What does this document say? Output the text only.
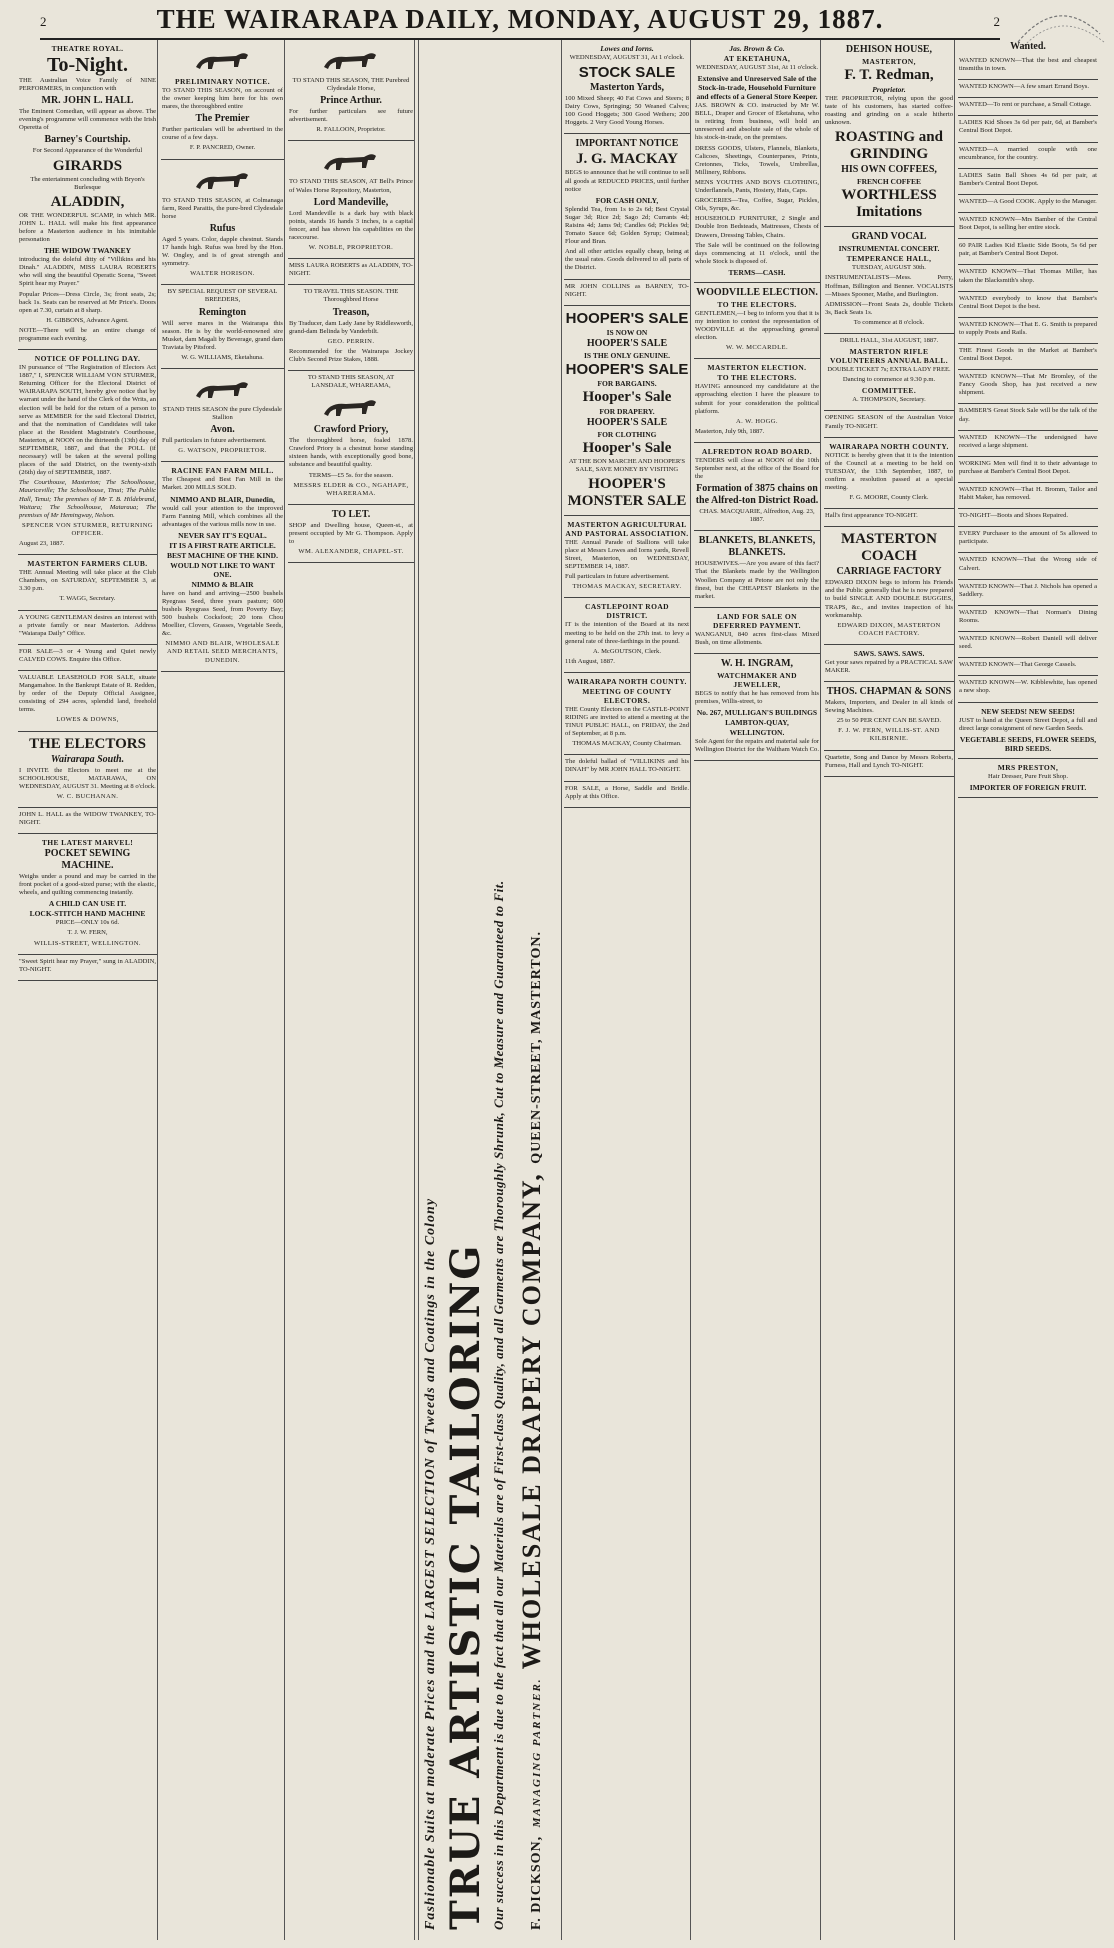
2	THE WAIRARAPA DAILY, MONDAY, AUGUST 29, 1887.	2
THEATRE ROYAL.
To-Night.

THE Australian Voice Family of NINE PERFORMERS, in conjunction with

MR. JOHN L. HALL

The Eminent Comedian, will appear as above. The evening's programme will commence with the Irish Operetta of

Barney's Courtship.

For Second Appearance of the Wonderful

GIRARDS

The entertainment concluding with Bryon's Burlesque

ALADDIN,

OR THE WONDERFUL SCAMP, in which MR. JOHN L. HALL will make his first appearance before a Masterton audience in his inimitable personation

THE WIDOW TWANKEY

introducing the doleful ditty of "Villikins and his Dinah." ALADDIN, MISS LAURA ROBERTS who will sing the beautiful Operatic Scena, "Sweet Spirit hear my Prayer."

Popular Prices—Dress Circle, 3s; front seats, 2s; back 1s. Seats can be reserved at Mr Price's. Doors open at 7.30, curtain at 8 sharp.

H. GIBBONS, Advance Agent.

NOTE—There will be an entire change of programme each evening.

NOTICE OF POLLING DAY.

IN pursuance of "The Registration of Electors Act 1887," I, SPENCER WILLIAM VON STURMER, Returning Officer for the Electoral District of WAIRARAPA SOUTH, hereby give notice that by warrant under the hand of the Clerk of the Writs, an election will be held for the return of a person to serve as MEMBER for the said Electoral District, and that the nomination of Candidates will take place at the Resident Magistrate's Courthouse, Masterton, at NOON on the thirteenth (13th) day of SEPTEMBER, 1887, and that the POLL (if necessary) will be taken at the several polling places of the said District, on the twenty-sixth (26th) day of SEPTEMBER, 1887.

The Courthouse, Masterton; The Schoolhouse, Mauriceville; The Schoolhouse, Tinui; The Public Hall, Tenui; The premises of Mr T. B. Hildebrand, Waitara; The Schoolhouse, Mataraua; The premises of Mr Hemingway, Nelson.

SPENCER VON STURMER, RETURNING OFFICER.

August 23, 1887.

MASTERTON FARMERS CLUB.

THE Annual Meeting will take place at the Club Chambers, on SATURDAY, SEPTEMBER 3, at 3.30 p.m.

T. WAGG, Secretary.

A YOUNG GENTLEMAN desires an interest with a private family or near Masterton. Address "Waiarapa Daily" Office.

FOR SALE—3 or 4 Young and Quiet newly CALVED COWS. Enquire this Office.

VALUABLE LEASEHOLD FOR SALE, situate Mangamahoe. In the Bankrupt Estate of R. Redden, by order of the Deputy Official Assignee, consisting of 294 acres, splendid land, freehold terms.

LOWES & DOWNS,

THE ELECTORS
Wairarapa South.

I INVITE the Electors to meet me at the SCHOOLHOUSE, MATARAWA, ON WEDNESDAY, AUGUST 31. Meeting at 8 o'clock.

W. C. BUCHANAN.

JOHN L. HALL as the WIDOW TWANKEY, TO-NIGHT.

THE LATEST MARVEL!
POCKET SEWING MACHINE.

Weighs under a pound and may be carried in the front pocket of a good-sized purse; with the elastic, wheels, and quilting commencing instantly.

A CHILD CAN USE IT.
LOCK-STITCH HAND MACHINE

PRICE—ONLY 10s 6d.

T. J. W. FERN,

WILLIS-STREET, WELLINGTON.

"Sweet Spirit hear my Prayer," sung in ALADDIN, TO-NIGHT.

PRELIMINARY NOTICE.

TO STAND THIS SEASON, on account of the owner keeping him here for his own mares, the thoroughbred entire

The Premier

Further particulars will be advertised in the course of a few days.

F. P. PANCRED, Owner.

TO STAND THIS SEASON, at Colmanaga farm, Reed Paraitis, the pure-bred Clydesdale horse

Rufus

Aged 5 years. Color, dapple chestnut. Stands 17 hands high. Rufus was bred by the Hon. W. Ongley, and is of great strength and symmetry.

WALTER HORISON.

BY SPECIAL REQUEST OF SEVERAL BREEDERS,

Remington

Will serve mares in the Wairarapa this season. He is by the world-renowned sire Musket, dam Magali by Beverage, grand dam Traviata by Pitsford.

W. G. WILLIAMS, Eketahuna.

STAND THIS SEASON the pure Clydesdale Stallion

Avon.

Full particulars in future advertisement.

G. WATSON, PROPRIETOR.

RACINE FAN FARM MILL.

The Cheapest and Best Fan Mill in the Market. 200 MILLS SOLD.

NIMMO AND BLAIR, Dunedin,

would call your attention to the improved Farm Fanning Mill, which combines all the advantages of the various mills now in use.

NEVER SAY IT'S EQUAL.
IT IS A FIRST RATE ARTICLE.
BEST MACHINE OF THE KIND.
WOULD NOT LIKE TO WANT ONE.
NIMMO & BLAIR

have on hand and arriving—2500 bushels Ryegrass Seed, three years pasture; 600 bushels Ryegrass Seed, from Poverty Bay; 500 bushels Cocksfoot; 20 tons Chou Moellier, Clovers, Grasses, Vegetable Seeds, &c.

NIMMO AND BLAIR, WHOLESALE AND RETAIL SEED MERCHANTS, DUNEDIN.

TO STAND THIS SEASON, THE Purebred Clydesdale Horse,

Prince Arthur.

For further particulars see future advertisement.

R. FALLOON, Proprietor.

TO STAND THIS SEASON, AT Bell's Prince of Wales Horse Repository, Masterton,

Lord Mandeville,

Lord Mandeville is a dark bay with black points, stands 16 hands 3 inches, is a capital fencer, and has shown his capabilities on the racecourse.

W. NOBLE, PROPRIETOR.

MISS LAURA ROBERTS as ALADDIN, TO-NIGHT.

TO TRAVEL THIS SEASON. THE Thoroughbred Horse

Treason,

By Traducer, dam Lady Jane by Riddlesworth, grand-dam Belinda by Vanderbilt.

GEO. PERRIN.

Recommended for the Wairarapa Jockey Club's Second Prize Stakes, 1888.

TO STAND THIS SEASON, AT LANSDALE, WHAREAMA,

Crawford Priory,

The thoroughbred horse, foaled 1878. Crawford Priory is a chestnut horse standing sixteen hands, with exceptionally good bone, substance and beautiful quality.

TERMS—£5 5s. for the season.

MESSRS ELDER & CO., NGAHAPE, WHARERAMA.

TO LET.

SHOP and Dwelling house, Queen-st., at present occupied by Mr G. Thompson. Apply to

WM. ALEXANDER, CHAPEL-ST.

Fashionable Suits at moderate Prices and the LARGEST SELECTION of Tweeds and Coatings in the Colony TRUE ARTISTIC TAILORING Our success in this Department is due to the fact that all our Materials are of First-class Quality, and all Garments are Thoroughly Shrunk, Cut to Measure and Guaranteed to Fit.	F. DICKSON, MANAGING PARTNER. WHOLESALE DRAPERY COMPANY, QUEEN-STREET, MASTERTON.
Lowes and Iorns.

WEDNESDAY, AUGUST 31, At 1 o'clock.

STOCK SALE
Masterton Yards,

100 Mixed Sheep; 40 Fat Cows and Steers; 8 Dairy Cows, Springing; 50 Weaned Calves; 100 Good Hoggets; 300 Good Wethers; 200 Hoggets. 2 Very Good Young Horses.

IMPORTANT NOTICE
J. G. MACKAY

BEGS to announce that he will continue to sell all goods at REDUCED PRICES, until further notice

FOR CASH ONLY,

Splendid Tea, from 1s to 2s 6d; Best Crystal Sugar 3d; Rice 2d; Sago 2d; Currants 4d; Raisins 4d; Jams 9d; Candles 6d; Pickles 9d; Tomato Sauce 6d; Golden Syrup; Oatmeal; Flour and Bran.

And all other articles equally cheap, being at the usual rates. Goods delivered to all parts of the District.

MR JOHN COLLINS as BARNEY, TO-NIGHT.

HOOPER'S SALE
IS NOW ON
HOOPER'S SALE
IS THE ONLY GENUINE.
HOOPER'S SALE
FOR BARGAINS.
Hooper's Sale
FOR DRAPERY.
HOOPER'S SALE
FOR CLOTHING
Hooper's Sale

AT THE BON MARCHE AND HOOPER'S SALE, SAVE MONEY BY VISITING

HOOPER'S MONSTER SALE
MASTERTON AGRICULTURAL AND PASTORAL ASSOCIATION.

THE Annual Parade of Stallions will take place at Messrs Lowes and Iorns yards, Revell Street, Masterton, on WEDNESDAY, SEPTEMBER 14, 1887.

Full particulars in future advertisement.

THOMAS MACKAY, SECRETARY.

CASTLEPOINT ROAD DISTRICT.

IT is the intention of the Board at its next meeting to be held on the 27th inst. to levy a general rate of three-farthings in the pound.

A. McGOUTSON, Clerk.

11th August, 1887.

WAIRARAPA NORTH COUNTY.
MEETING OF COUNTY ELECTORS.

THE County Electors on the CASTLE-POINT RIDING are invited to attend a meeting at the TINUI PUBLIC HALL, on FRIDAY, the 2nd of September, at 8 p.m.

THOMAS MACKAY, County Chairman.

The doleful ballad of "VILLIKINS and his DINAH" by MR JOHN HALL TO-NIGHT.

FOR SALE, a Horse, Saddle and Bridle. Apply at this Office.

Jas. Brown & Co.
AT EKETAHUNA,

WEDNESDAY, AUGUST 31st, At 11 o'clock.

Extensive and Unreserved Sale of the Stock-in-trade, Household Furniture and effects of a General Store Keeper.

JAS. BROWN & CO. instructed by Mr W. BELL, Draper and Grocer of Eketahuna, who is retiring from business, will hold an unreserved and absolute sale of the whole of his stock-in-trade, on the premises.

DRESS GOODS, Ulsters, Flannels, Blankets, Calicoes, Sheetings, Counterpanes, Prints, Cretonnes, Ticks, Towels, Umbrellas, Millinery, Ribbons.

MENS YOUTHS AND BOYS CLOTHING, Underflannels, Pants, Hosiery, Hats, Caps.

GROCERIES—Tea, Coffee, Sugar, Pickles, Oils, Syrups, &c.

HOUSEHOLD FURNITURE, 2 Single and Double Iron Bedsteads, Mattresses, Chests of Drawers, Dressing Tables, Chairs.

The Sale will be continued on the following days commencing at 11 o'clock, until the whole Stock is disposed of.

TERMS—CASH.
WOODVILLE ELECTION.
TO THE ELECTORS.

GENTLEMEN,—I beg to inform you that it is my intention to contest the representation of WOODVILLE at the approaching general election.

W. W. MCCARDLE.

MASTERTON ELECTION.
TO THE ELECTORS.

HAVING announced my candidature at the approaching election I have the pleasure to submit for your consideration the political platform.

A. W. HOGG.

Masterton, July 9th, 1887.

ALFREDTON ROAD BOARD.

TENDERS will close at NOON of the 10th September next, at the office of the Board for the

Formation of 3875 chains on the Alfred-ton District Road.

CHAS. MACQUARIE, Alfredton, Aug. 23, 1887.

BLANKETS, BLANKETS, BLANKETS.

HOUSEWIVES.—Are you aware of this fact? That the Blankets made by the Wellington Woollen Company at Petone are not only the finest, but the CHEAPEST Blankets in the market.

LAND FOR SALE ON DEFERRED PAYMENT.

WANGANUI, 840 acres first-class Mixed Bush, on time allotments.

W. H. INGRAM,
WATCHMAKER AND JEWELLER,

BEGS to notify that he has removed from his premises, Willis-street, to

No. 267, MULLIGAN'S BUILDINGS
LAMBTON-QUAY,
WELLINGTON.

Sole Agent for the repairs and material sale for Wellington District for the Waltham Watch Co.

DEHISON HOUSE,
MASTERTON,
F. T. Redman,
Proprietor.

THE PROPRIETOR, relying upon the good taste of his customers, has started coffee-roasting and grinding on a scale hitherto unknown.

ROASTING and GRINDING
HIS OWN COFFEES,
FRENCH COFFEE
WORTHLESS Imitations
GRAND VOCAL
INSTRUMENTAL CONCERT.
TEMPERANCE HALL,

TUESDAY, AUGUST 30th.

INSTRUMENTALISTS—Mess. Perry, Hoffman, Billington and Benner. VOCALISTS—Misses Spooner, Mathe, and Burlington.

ADMISSION—Front Seats 2s, double Tickets 3s, Back Seats 1s.

To commence at 8 o'clock.

DRILL HALL, 31st AUGUST, 1887.

MASTERTON RIFLE VOLUNTEERS ANNUAL BALL.

DOUBLE TICKET 7s; EXTRA LADY FREE.

Dancing to commence at 9.30 p.m.

COMMITTEE.

A. THOMPSON, Secretary.

OPENING SEASON of the Australian Voice Family TO-NIGHT.

WAIRARAPA NORTH COUNTY.

NOTICE is hereby given that it is the intention of the Council at a meeting to be held on TUESDAY, the 13th September, 1887, to confirm a resolution passed at a special meeting.

F. G. MOORE, County Clerk.

Hall's first appearance TO-NIGHT.

MASTERTON COACH
CARRIAGE FACTORY

EDWARD DIXON begs to inform his Friends and the Public generally that he is now prepared to build SINGLE AND DOUBLE BUGGIES, TRAPS, &c., and invites inspection of his workmanship.

EDWARD DIXON, MASTERTON COACH FACTORY.

SAWS. SAWS. SAWS.

Get your saws repaired by a PRACTICAL SAW MAKER.

THOS. CHAPMAN & SONS

Makers, Importers, and Dealer in all kinds of Sewing Machines.

25 to 50 PER CENT CAN BE SAVED.

F. J. W. FERN, WILLIS-ST. AND KILBIRNIE.

Quartette, Song and Dance by Messrs Roberts, Furness, Hall and Lynch TO-NIGHT.

Wanted.

WANTED KNOWN—That the best and cheapest tinsmiths in town.

WANTED KNOWN—A few smart Errand Boys.

WANTED—To rent or purchase, a Small Cottage.

LADIES Kid Shoes 3s 6d per pair, 6d, at Bamber's Central Boot Depot.

WANTED—A married couple with one encumbrance, for the country.

LADIES Satin Ball Shoes 4s 6d per pair, at Bamber's Central Boot Depot.

WANTED—A Good COOK. Apply to the Manager.

WANTED KNOWN—Mrs Bamber of the Central Boot Depot, is selling her entire stock.

60 PAIR Ladies Kid Elastic Side Boots, 5s 6d per pair, at Bamber's Central Boot Depot.

WANTED KNOWN—That Thomas Miller, has taken the Blacksmith's shop.

WANTED everybody to know that Bamber's Central Boot Depot is the best.

WANTED KNOWN—That E. G. Smith is prepared to supply Posts and Rails.

THE Finest Goods in the Market at Bamber's Central Boot Depot.

WANTED KNOWN—That Mr Bromley, of the Fancy Goods Shop, has just received a new shipment.

BAMBER'S Great Stock Sale will be the talk of the day.

WANTED KNOWN—The undersigned have received a large shipment.

WORKING Men will find it to their advantage to purchase at Bamber's Central Boot Depot.

WANTED KNOWN—That H. Bromm, Tailor and Habit Maker, has removed.

TO-NIGHT—Boots and Shoes Repaired.

EVERY Purchaser to the amount of 5s allowed to participate.

WANTED KNOWN—That the Wrong side of Calvert.

WANTED KNOWN—That J. Nichols has opened a Saddlery.

WANTED KNOWN—That Norman's Dining Rooms.

WANTED KNOWN—Robert Daniell will deliver seed.

WANTED KNOWN—That George Cassels.

WANTED KNOWN—W. Kibblewhite, has opened a new shop.

NEW SEEDS! NEW SEEDS!

JUST to hand at the Queen Street Depot, a full and direct large consignment of new Garden Seeds.

VEGETABLE SEEDS, FLOWER SEEDS, BIRD SEEDS.
MRS PRESTON,

Hair Dresser, Pure Fruit Shop.

IMPORTER OF FOREIGN FRUIT.
